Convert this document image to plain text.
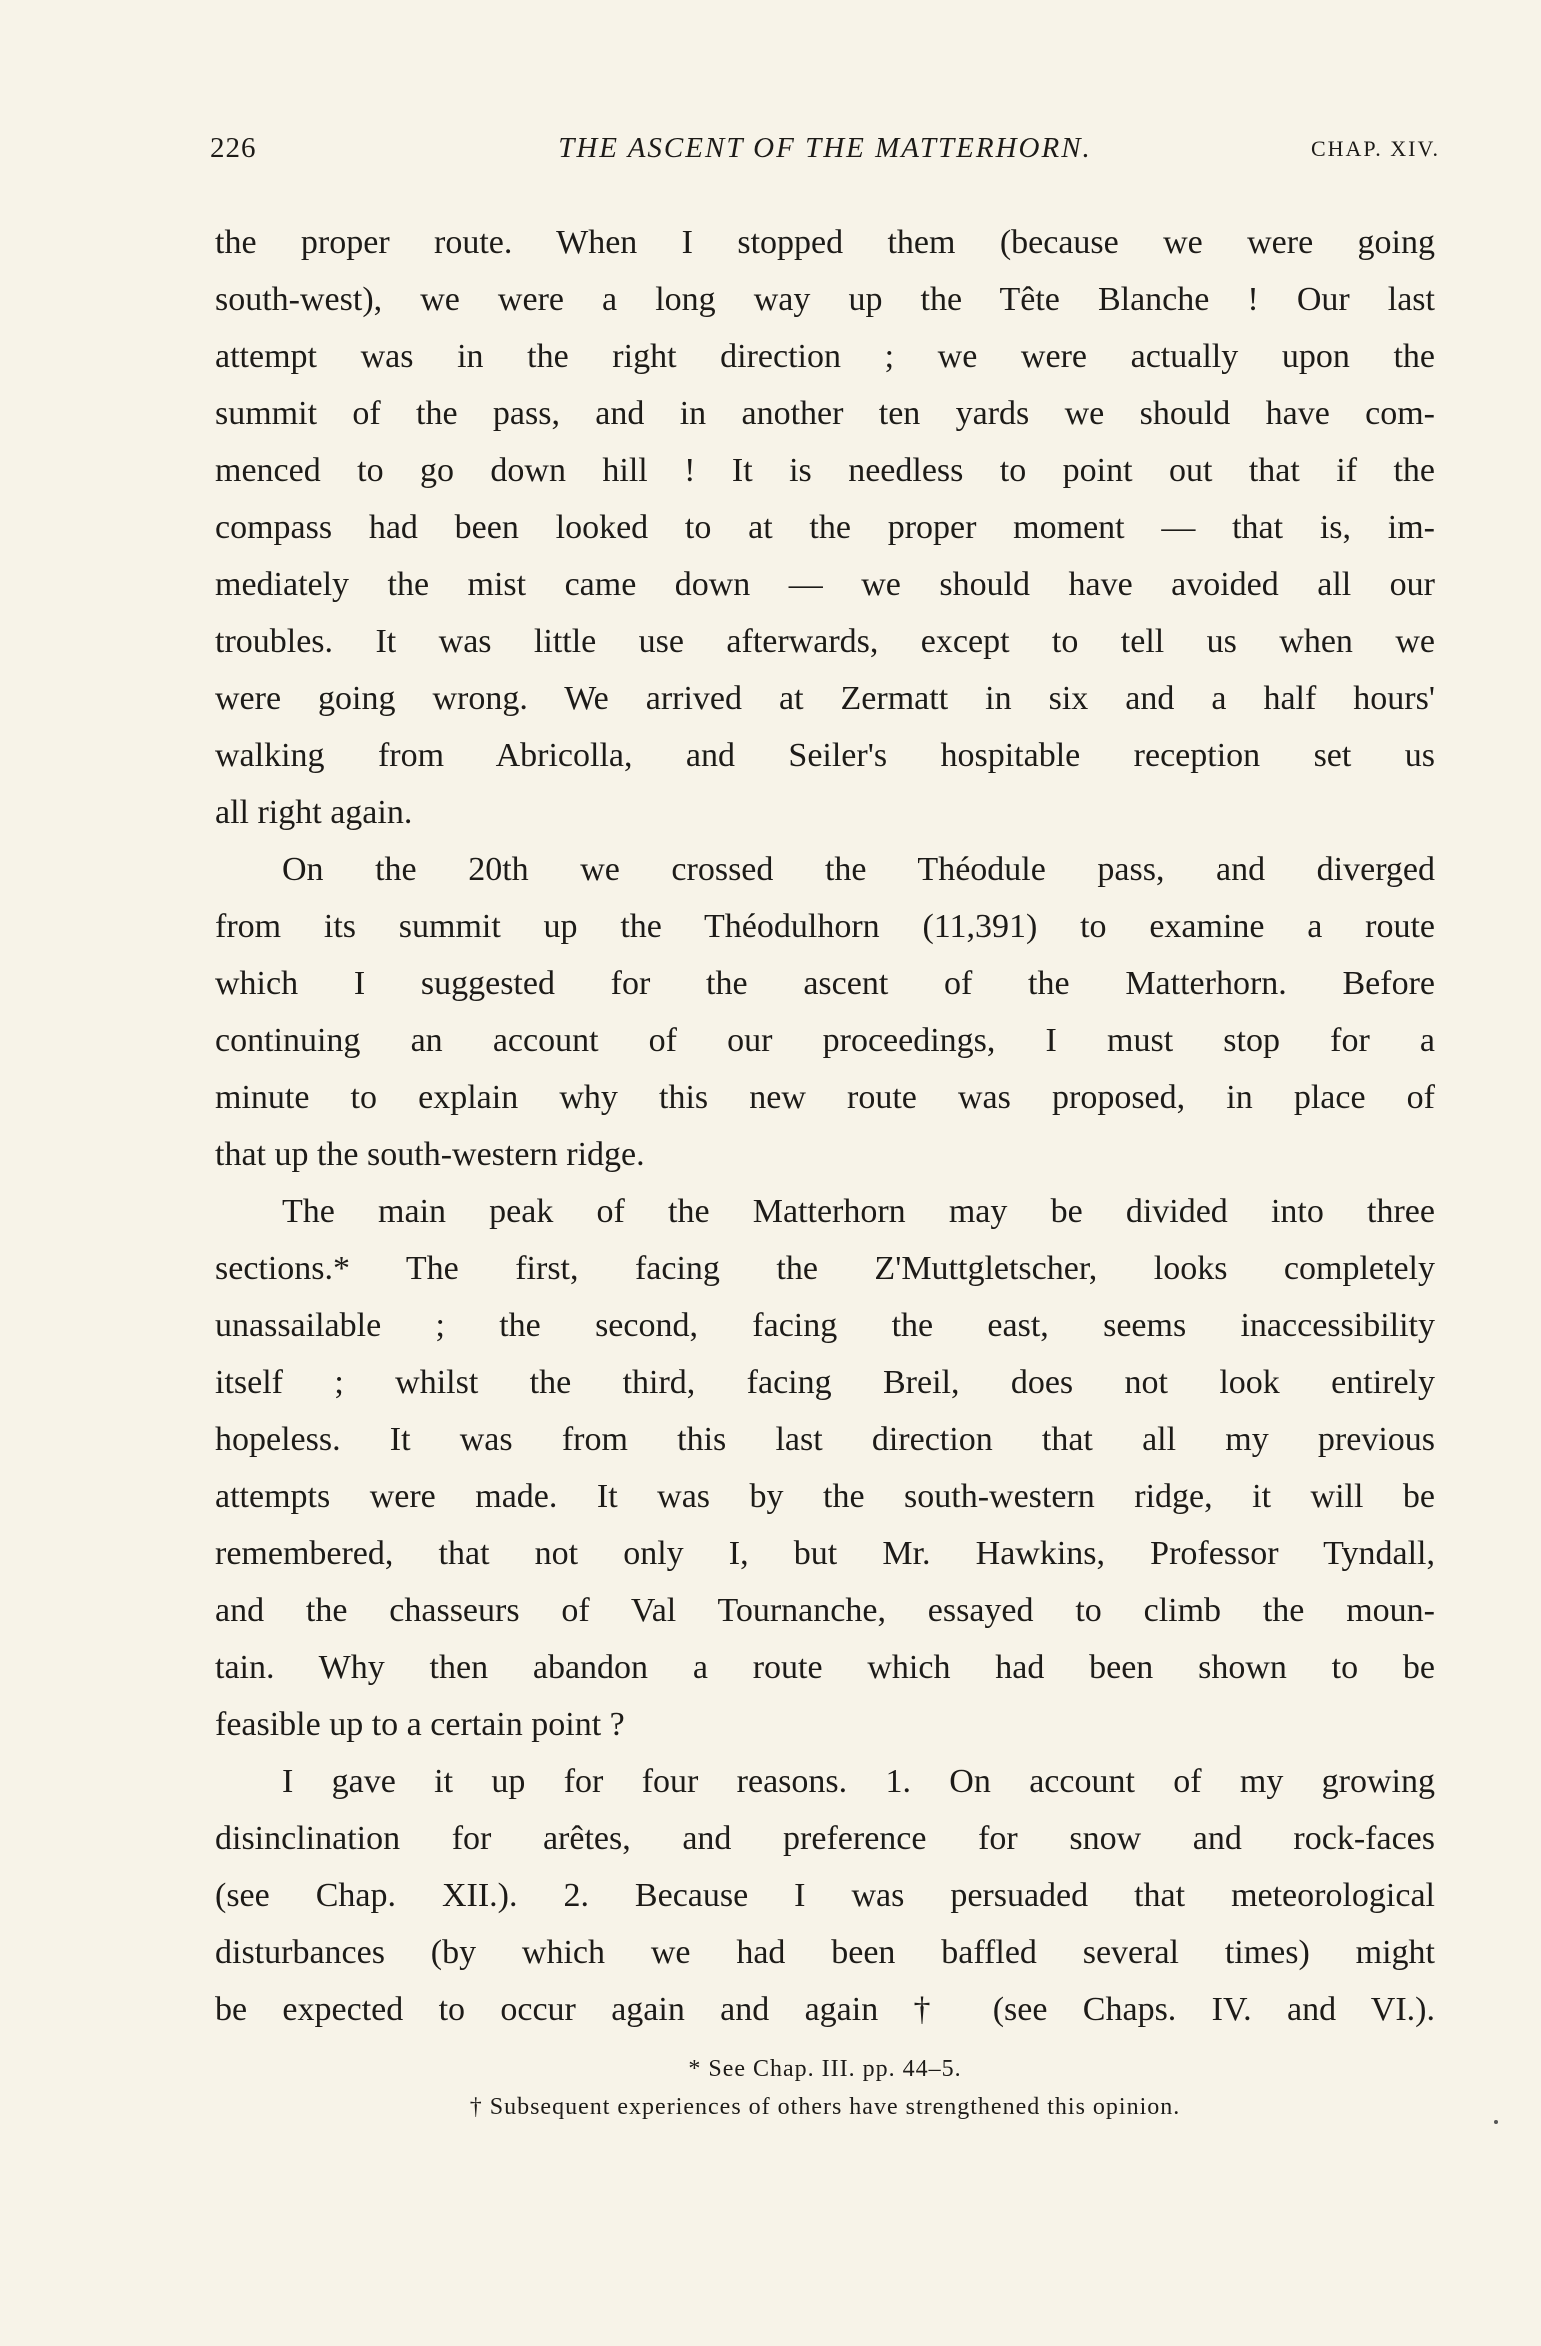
226	THE ASCENT OF THE MATTERHORN.	CHAP. XIV.
the proper route. When I stopped them (because we were going
south-west), we were a long way up the Tête Blanche ! Our last
attempt was in the right direction ; we were actually upon the
summit of the pass, and in another ten yards we should have com-
menced to go down hill ! It is needless to point out that if the
compass had been looked to at the proper moment — that is, im-
mediately the mist came down — we should have avoided all our
troubles. It was little use afterwards, except to tell us when we
were going wrong. We arrived at Zermatt in six and a half hours'
walking from Abricolla, and Seiler's hospitable reception set us
all right again.
On the 20th we crossed the Théodule pass, and diverged
from its summit up the Théodulhorn (11,391) to examine a route
which I suggested for the ascent of the Matterhorn. Before
continuing an account of our proceedings, I must stop for a
minute to explain why this new route was proposed, in place of
that up the south-western ridge.
The main peak of the Matterhorn may be divided into three
sections.* The first, facing the Z'Muttgletscher, looks completely
unassailable ; the second, facing the east, seems inaccessibility
itself ; whilst the third, facing Breil, does not look entirely
hopeless. It was from this last direction that all my previous
attempts were made. It was by the south-western ridge, it will be
remembered, that not only I, but Mr. Hawkins, Professor Tyndall,
and the chasseurs of Val Tournanche, essayed to climb the moun-
tain. Why then abandon a route which had been shown to be
feasible up to a certain point ?
I gave it up for four reasons. 1. On account of my growing
disinclination for arêtes, and preference for snow and rock-faces
(see Chap. XII.). 2. Because I was persuaded that meteorological
disturbances (by which we had been baffled several times) might
be expected to occur again and again † (see Chaps. IV. and VI.).
* See Chap. III. pp. 44–5.
† Subsequent experiences of others have strengthened this opinion.
